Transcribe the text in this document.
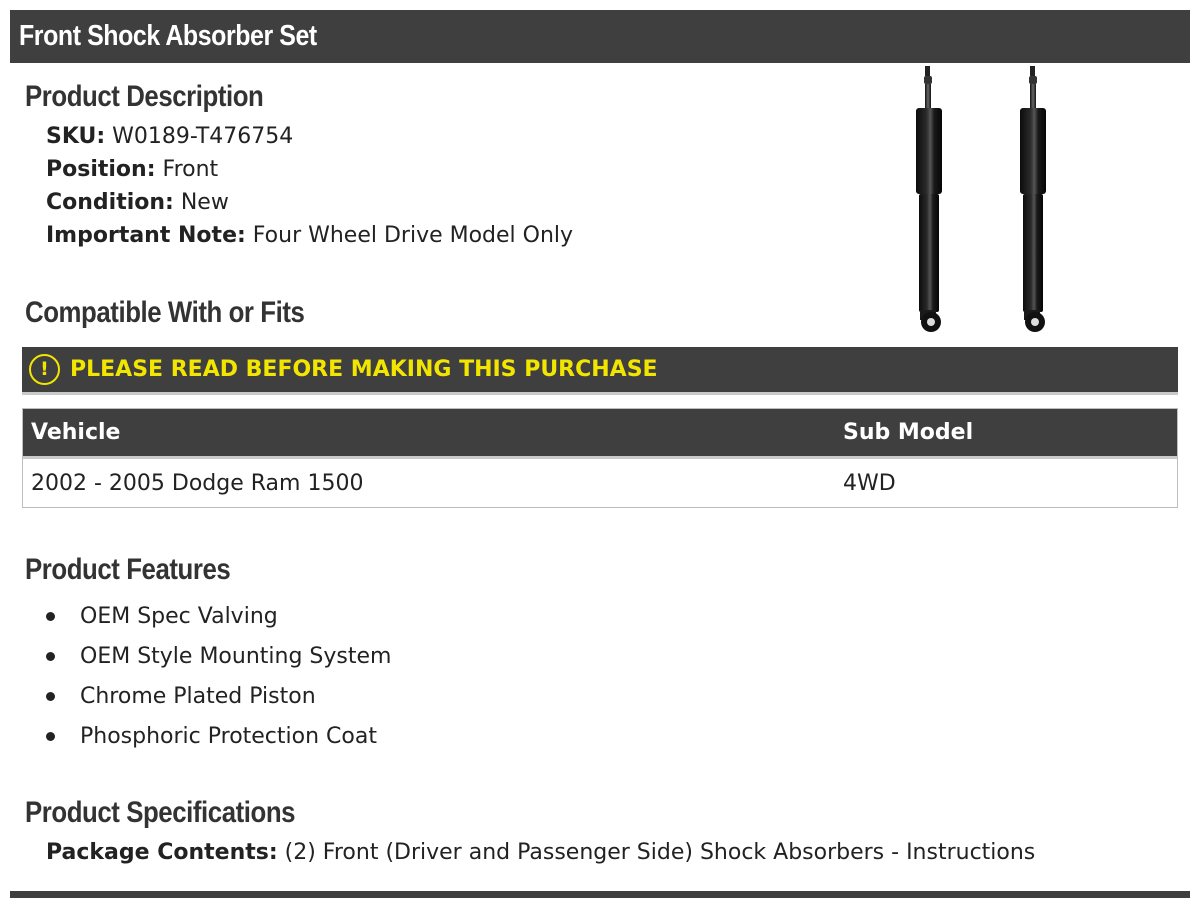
Front Shock Absorber Set
Product Description
SKU: W0189-T476754
Position: Front
Condition: New
Important Note: Four Wheel Drive Model Only
Compatible With or Fits
! PLEASE READ BEFORE MAKING THIS PURCHASE
Vehicle	Sub Model
2002 - 2005 Dodge Ram 1500	4WD
Product Features
OEM Spec Valving
OEM Style Mounting System
Chrome Plated Piston
Phosphoric Protection Coat
Product Specifications
Package Contents: (2) Front (Driver and Passenger Side) Shock Absorbers - Instructions
